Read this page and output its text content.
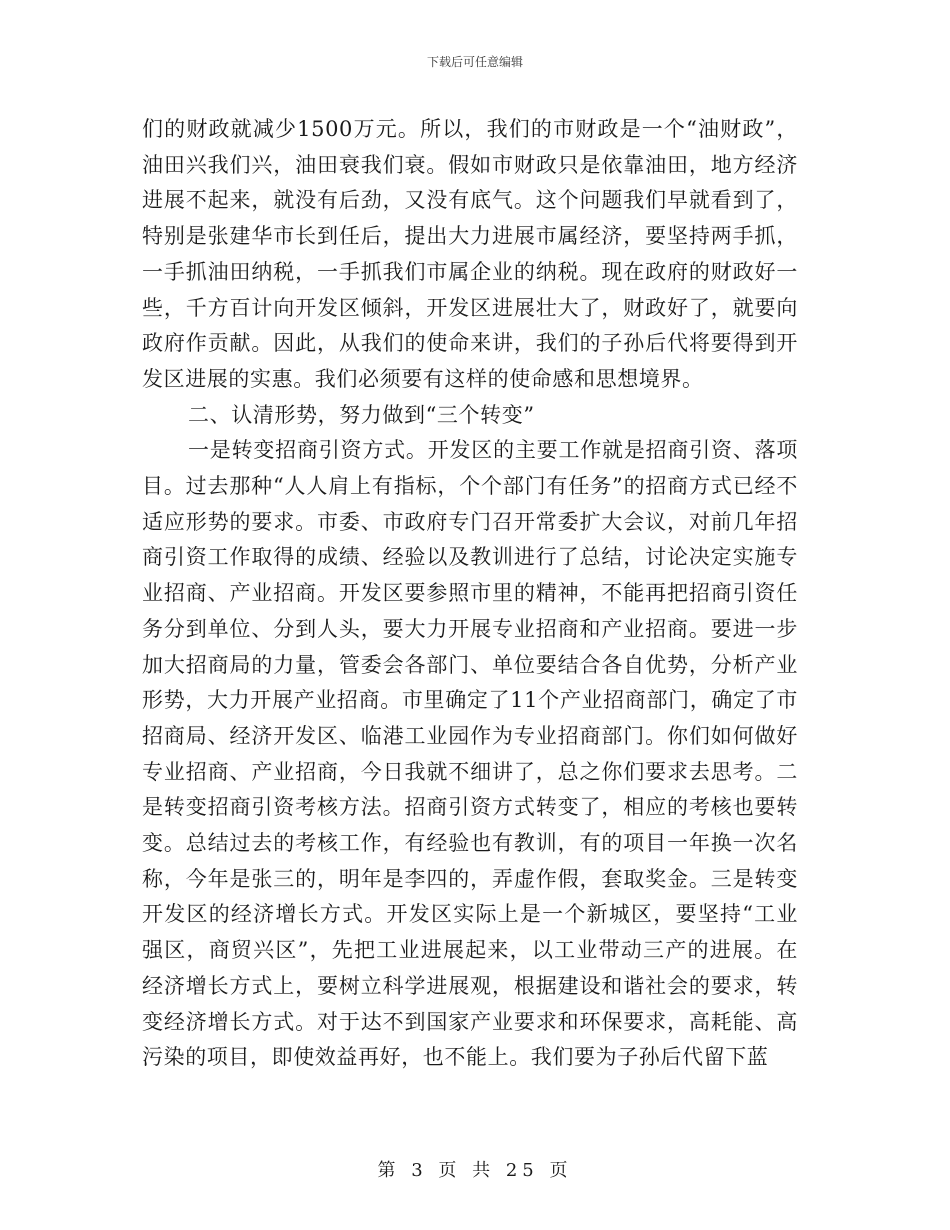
下载后可任意编辑

们的财政就减少1500万元。所以，我们的市财政是一个“油财政”，油田兴我们兴，油田衰我们衰。假如市财政只是依靠油田，地方经济进展不起来，就没有后劲，又没有底气。这个问题我们早就看到了，特别是张建华市长到任后，提出大力进展市属经济，要坚持两手抓，一手抓油田纳税，一手抓我们市属企业的纳税。现在政府的财政好一些，千方百计向开发区倾斜，开发区进展壮大了，财政好了，就要向政府作贡献。因此，从我们的使命来讲，我们的子孙后代将要得到开发区进展的实惠。我们必须要有这样的使命感和思想境界。

二、认清形势，努力做到“三个转变”

一是转变招商引资方式。开发区的主要工作就是招商引资、落项目。过去那种“人人肩上有指标，个个部门有任务”的招商方式已经不适应形势的要求。市委、市政府专门召开常委扩大会议，对前几年招商引资工作取得的成绩、经验以及教训进行了总结，讨论决定实施专业招商、产业招商。开发区要参照市里的精神，不能再把招商引资任务分到单位、分到人头，要大力开展专业招商和产业招商。要进一步加大招商局的力量，管委会各部门、单位要结合各自优势，分析产业形势，大力开展产业招商。市里确定了11个产业招商部门，确定了市招商局、经济开发区、临港工业园作为专业招商部门。你们如何做好专业招商、产业招商，今日我就不细讲了，总之你们要求去思考。二是转变招商引资考核方法。招商引资方式转变了，相应的考核也要转变。总结过去的考核工作，有经验也有教训，有的项目一年换一次名称，今年是张三的，明年是李四的，弄虚作假，套取奖金。三是转变开发区的经济增长方式。开发区实际上是一个新城区，要坚持“工业强区，商贸兴区”，先把工业进展起来，以工业带动三产的进展。在经济增长方式上，要树立科学进展观，根据建设和谐社会的要求，转变经济增长方式。对于达不到国家产业要求和环保要求，高耗能、高污染的项目，即使效益再好，也不能上。我们要为子孙后代留下蓝

第 3 页 共 25 页
